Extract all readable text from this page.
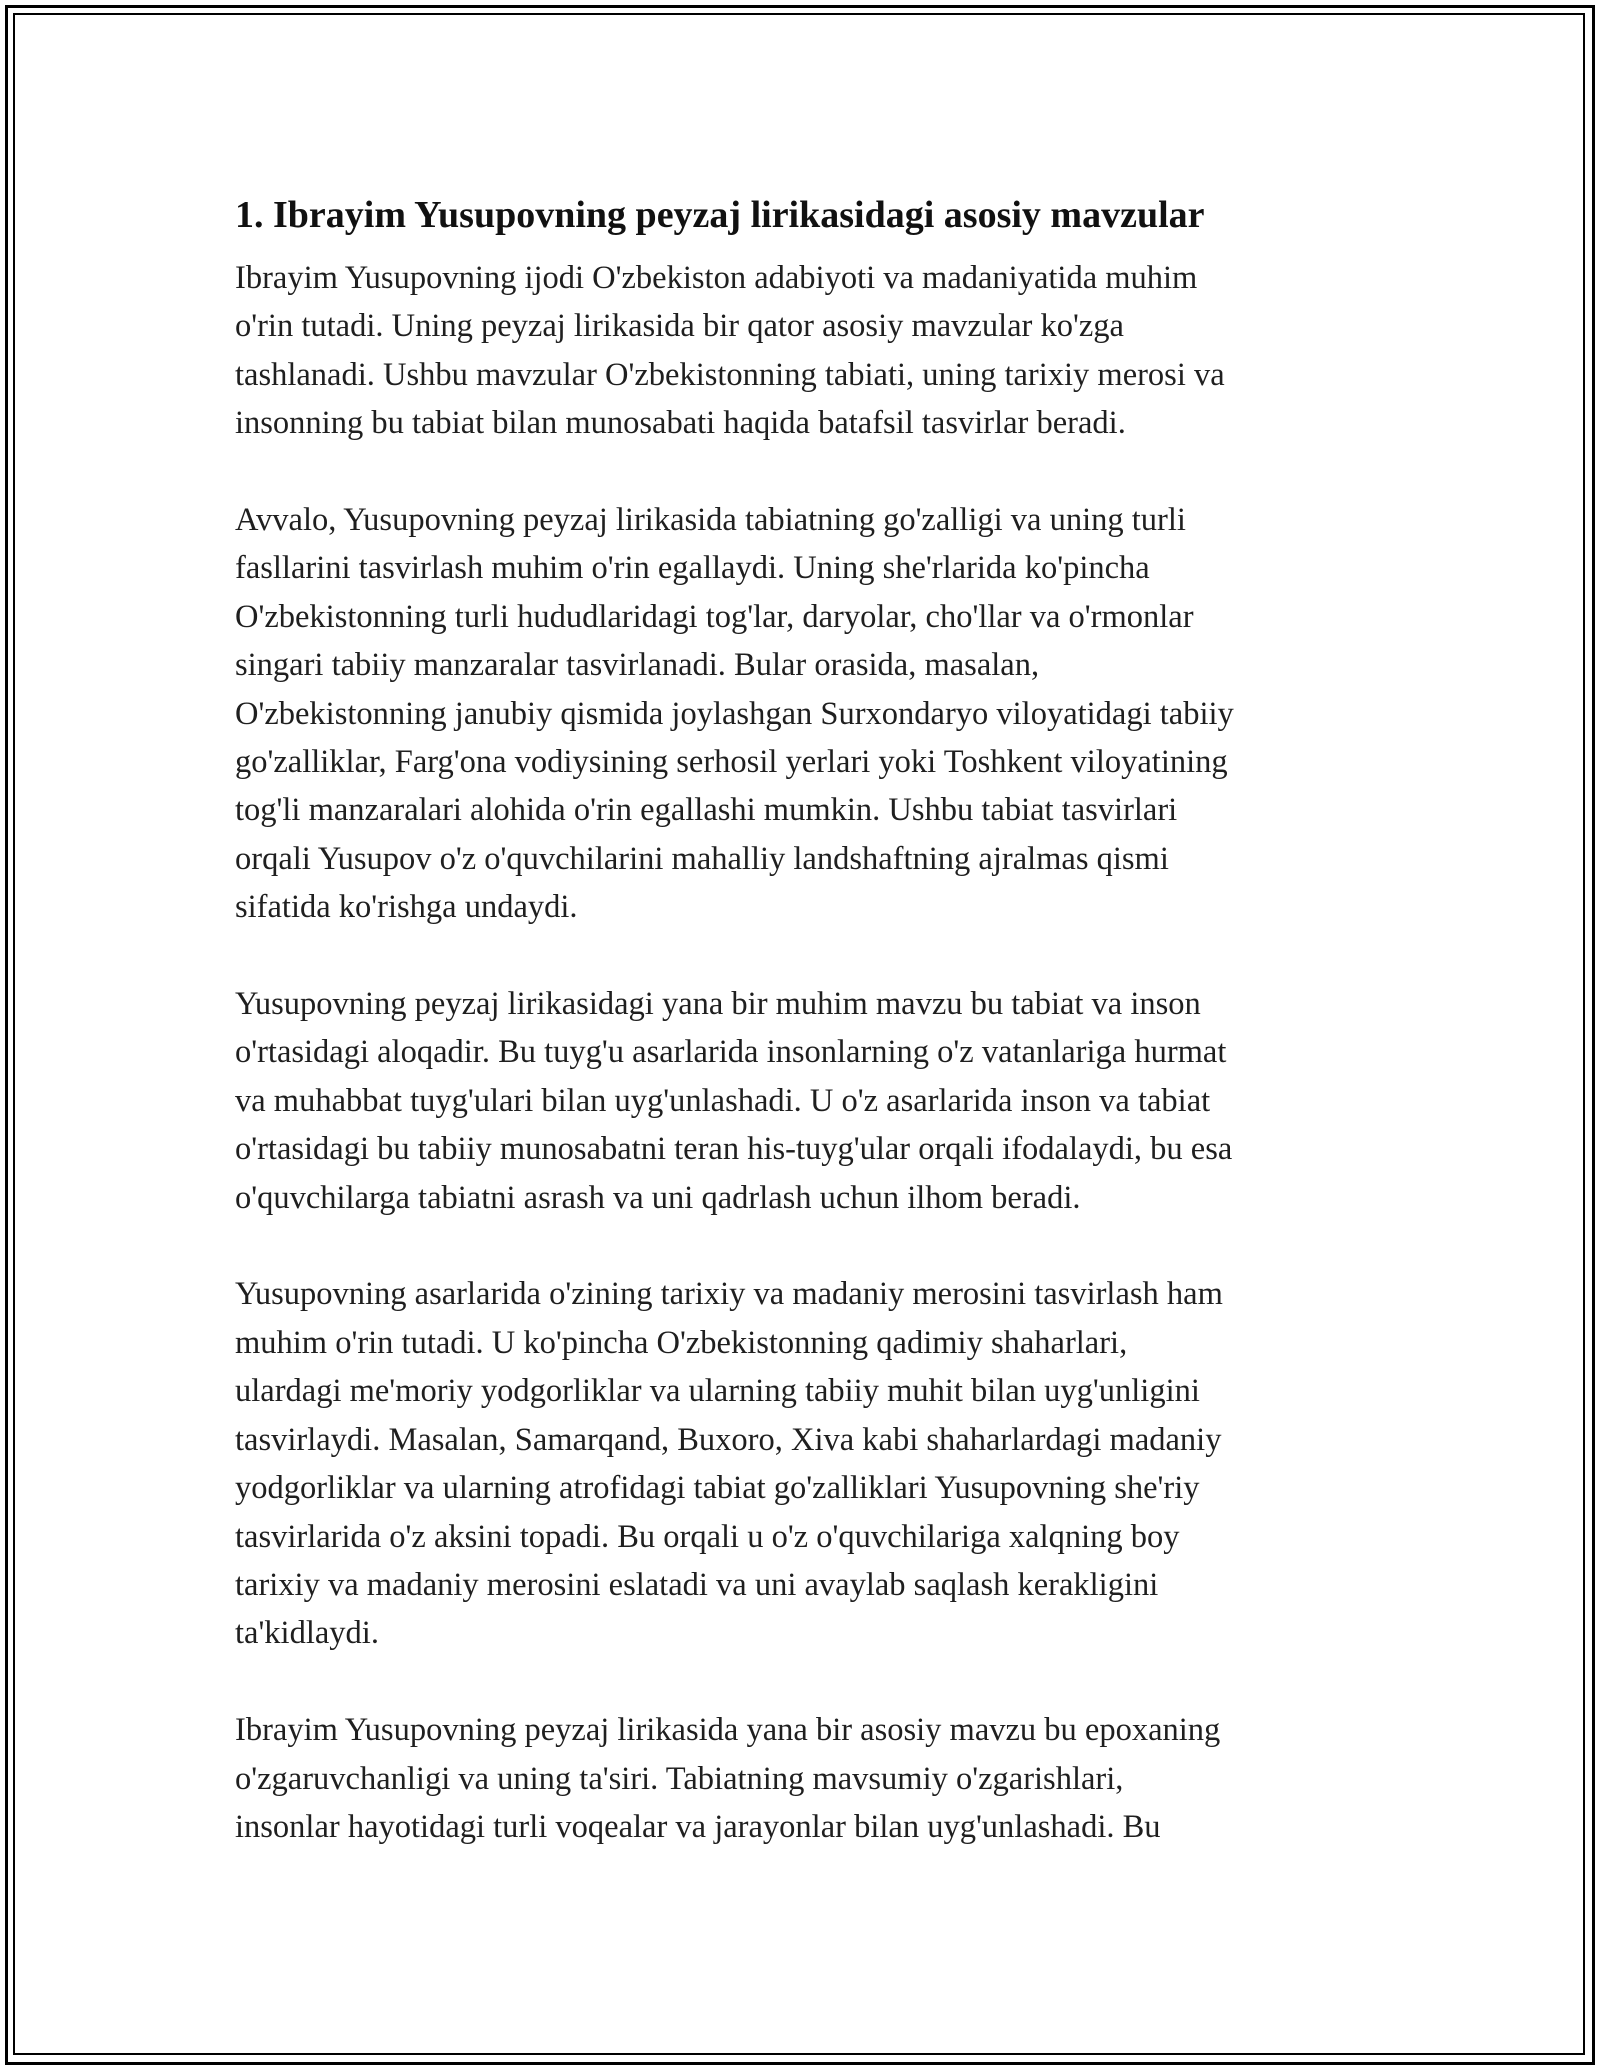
1. Ibrayim Yusupovning peyzaj lirikasidagi asosiy mavzular

Ibrayim Yusupovning ijodi O'zbekiston adabiyoti va madaniyatida muhim
o'rin tutadi. Uning peyzaj lirikasida bir qator asosiy mavzular ko'zga
tashlanadi. Ushbu mavzular O'zbekistonning tabiati, uning tarixiy merosi va
insonning bu tabiat bilan munosabati haqida batafsil tasvirlar beradi.

Avvalo, Yusupovning peyzaj lirikasida tabiatning go'zalligi va uning turli
fasllarini tasvirlash muhim o'rin egallaydi. Uning she'rlarida ko'pincha
O'zbekistonning turli hududlaridagi tog'lar, daryolar, cho'llar va o'rmonlar
singari tabiiy manzaralar tasvirlanadi. Bular orasida, masalan,
O'zbekistonning janubiy qismida joylashgan Surxondaryo viloyatidagi tabiiy
go'zalliklar, Farg'ona vodiysining serhosil yerlari yoki Toshkent viloyatining
tog'li manzaralari alohida o'rin egallashi mumkin. Ushbu tabiat tasvirlari
orqali Yusupov o'z o'quvchilarini mahalliy landshaftning ajralmas qismi
sifatida ko'rishga undaydi.

Yusupovning peyzaj lirikasidagi yana bir muhim mavzu bu tabiat va inson
o'rtasidagi aloqadir. Bu tuyg'u asarlarida insonlarning o'z vatanlariga hurmat
va muhabbat tuyg'ulari bilan uyg'unlashadi. U o'z asarlarida inson va tabiat
o'rtasidagi bu tabiiy munosabatni teran his-tuyg'ular orqali ifodalaydi, bu esa
o'quvchilarga tabiatni asrash va uni qadrlash uchun ilhom beradi.

Yusupovning asarlarida o'zining tarixiy va madaniy merosini tasvirlash ham
muhim o'rin tutadi. U ko'pincha O'zbekistonning qadimiy shaharlari,
ulardagi me'moriy yodgorliklar va ularning tabiiy muhit bilan uyg'unligini
tasvirlaydi. Masalan, Samarqand, Buxoro, Xiva kabi shaharlardagi madaniy
yodgorliklar va ularning atrofidagi tabiat go'zalliklari Yusupovning she'riy
tasvirlarida o'z aksini topadi. Bu orqali u o'z o'quvchilariga xalqning boy
tarixiy va madaniy merosini eslatadi va uni avaylab saqlash kerakligini
ta'kidlaydi.

Ibrayim Yusupovning peyzaj lirikasida yana bir asosiy mavzu bu epoxaning
o'zgaruvchanligi va uning ta'siri. Tabiatning mavsumiy o'zgarishlari,
insonlar hayotidagi turli voqealar va jarayonlar bilan uyg'unlashadi. Bu
